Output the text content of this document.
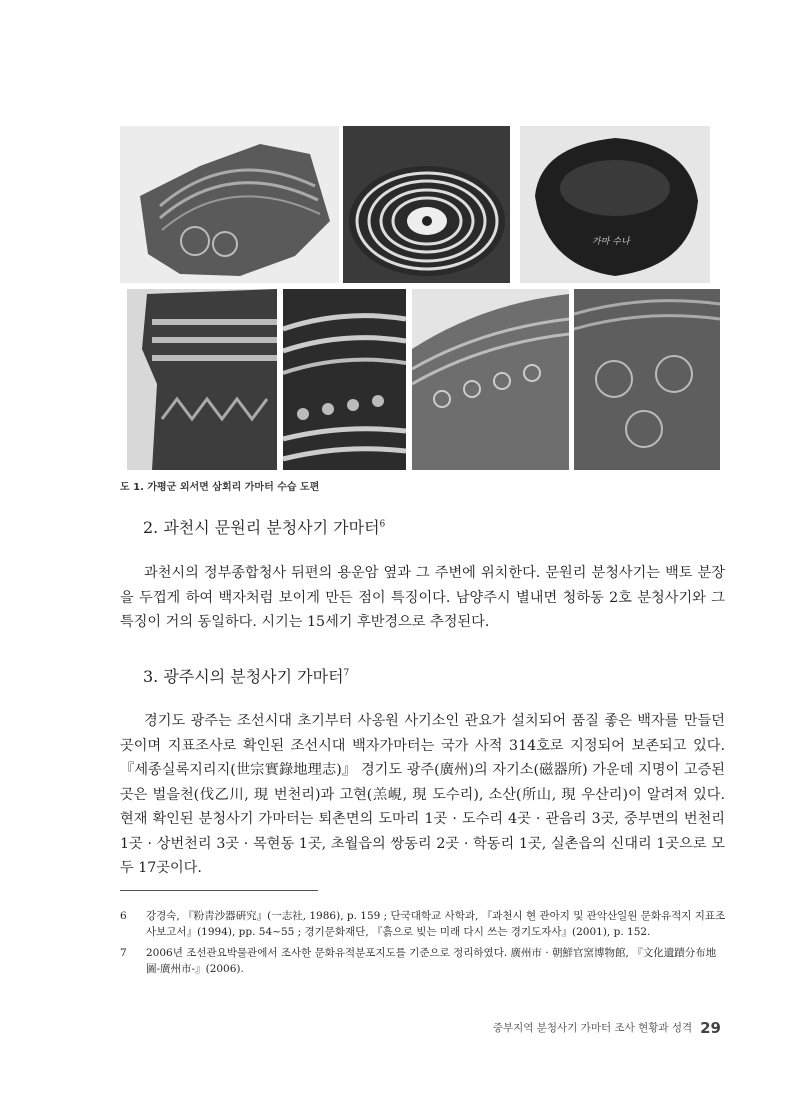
가마 수나
도 1. 가평군 외서면 삼회리 가마터 수습 도편
2. 과천시 문원리 분청사기 가마터$^6$

과천시의 정부종합청사 뒤편의 용운암 옆과 그 주변에 위치한다. 문원리 분청사기는 백토 분장을 두껍게 하여 백자처럼 보이게 만든 점이 특징이다. 남양주시 별내면 청하동 2호 분청사기와 그 특징이 거의 동일하다. 시기는 15세기 후반경으로 추정된다.

3. 광주시의 분청사기 가마터$^7$

경기도 광주는 조선시대 초기부터 사옹원 사기소인 관요가 설치되어 품질 좋은 백자를 만들던 곳이며 지표조사로 확인된 조선시대 백자가마터는 국가 사적 314호로 지정되어 보존되고 있다. 『세종실록지리지(世宗實錄地理志)』 경기도 광주(廣州)의 자기소(磁器所) 가운데 지명이 고증된 곳은 벌을천(伐乙川, 現 번천리)과 고현(羔峴, 現 도수리), 소산(所山, 現 우산리)이 알려져 있다. 현재 확인된 분청사기 가마터는 퇴촌면의 도마리 1곳 · 도수리 4곳 · 관음리 3곳, 중부면의 번천리 1곳 · 상번천리 3곳 · 목현동 1곳, 초월읍의 쌍동리 2곳 · 학동리 1곳, 실촌읍의 신대리 1곳으로 모두 17곳이다.

6 강경숙, 『粉靑沙器硏究』(一志社, 1986), p. 159 ; 단국대학교 사학과, 『과천시 현 관아지 및 관악산일원 문화유적지 지표조사보고서』(1994), pp. 54~55 ; 경기문화재단, 『흙으로 빚는 미래 다시 쓰는 경기도자사』(2001), p. 152.
7 2006년 조선관요박물관에서 조사한 문화유적분포지도를 기준으로 정리하였다. 廣州市 · 朝鮮官窯博物館, 『文化遺蹟分布地圖-廣州市-』(2006).
중부지역 분청사기 가마터 조사 현황과 성격 29
